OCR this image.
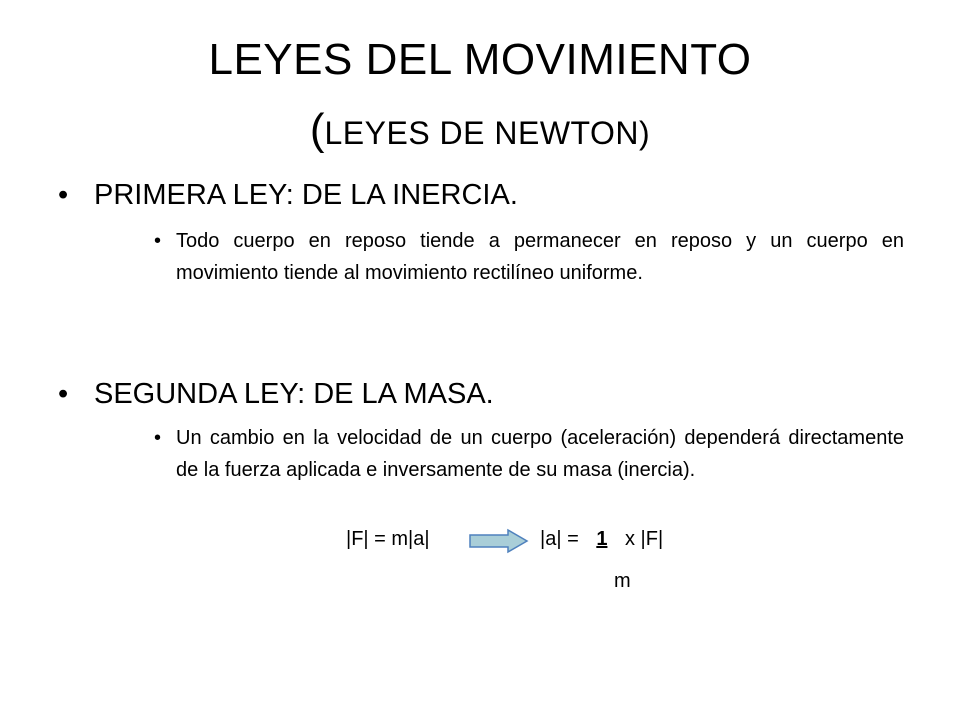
LEYES DEL MOVIMIENTO
(LEYES DE NEWTON)
• PRIMERA LEY: DE LA INERCIA.
• Todo cuerpo en reposo tiende a permanecer en reposo y un cuerpo en movimiento tiende al movimiento rectilíneo uniforme.
• SEGUNDA LEY: DE LA MASA.
• Un cambio en la velocidad de un cuerpo (aceleración) dependerá directamente de la fuerza aplicada e inversamente de su masa (inercia).
|F| = m|a|	|a| = 1 x |F|
m
